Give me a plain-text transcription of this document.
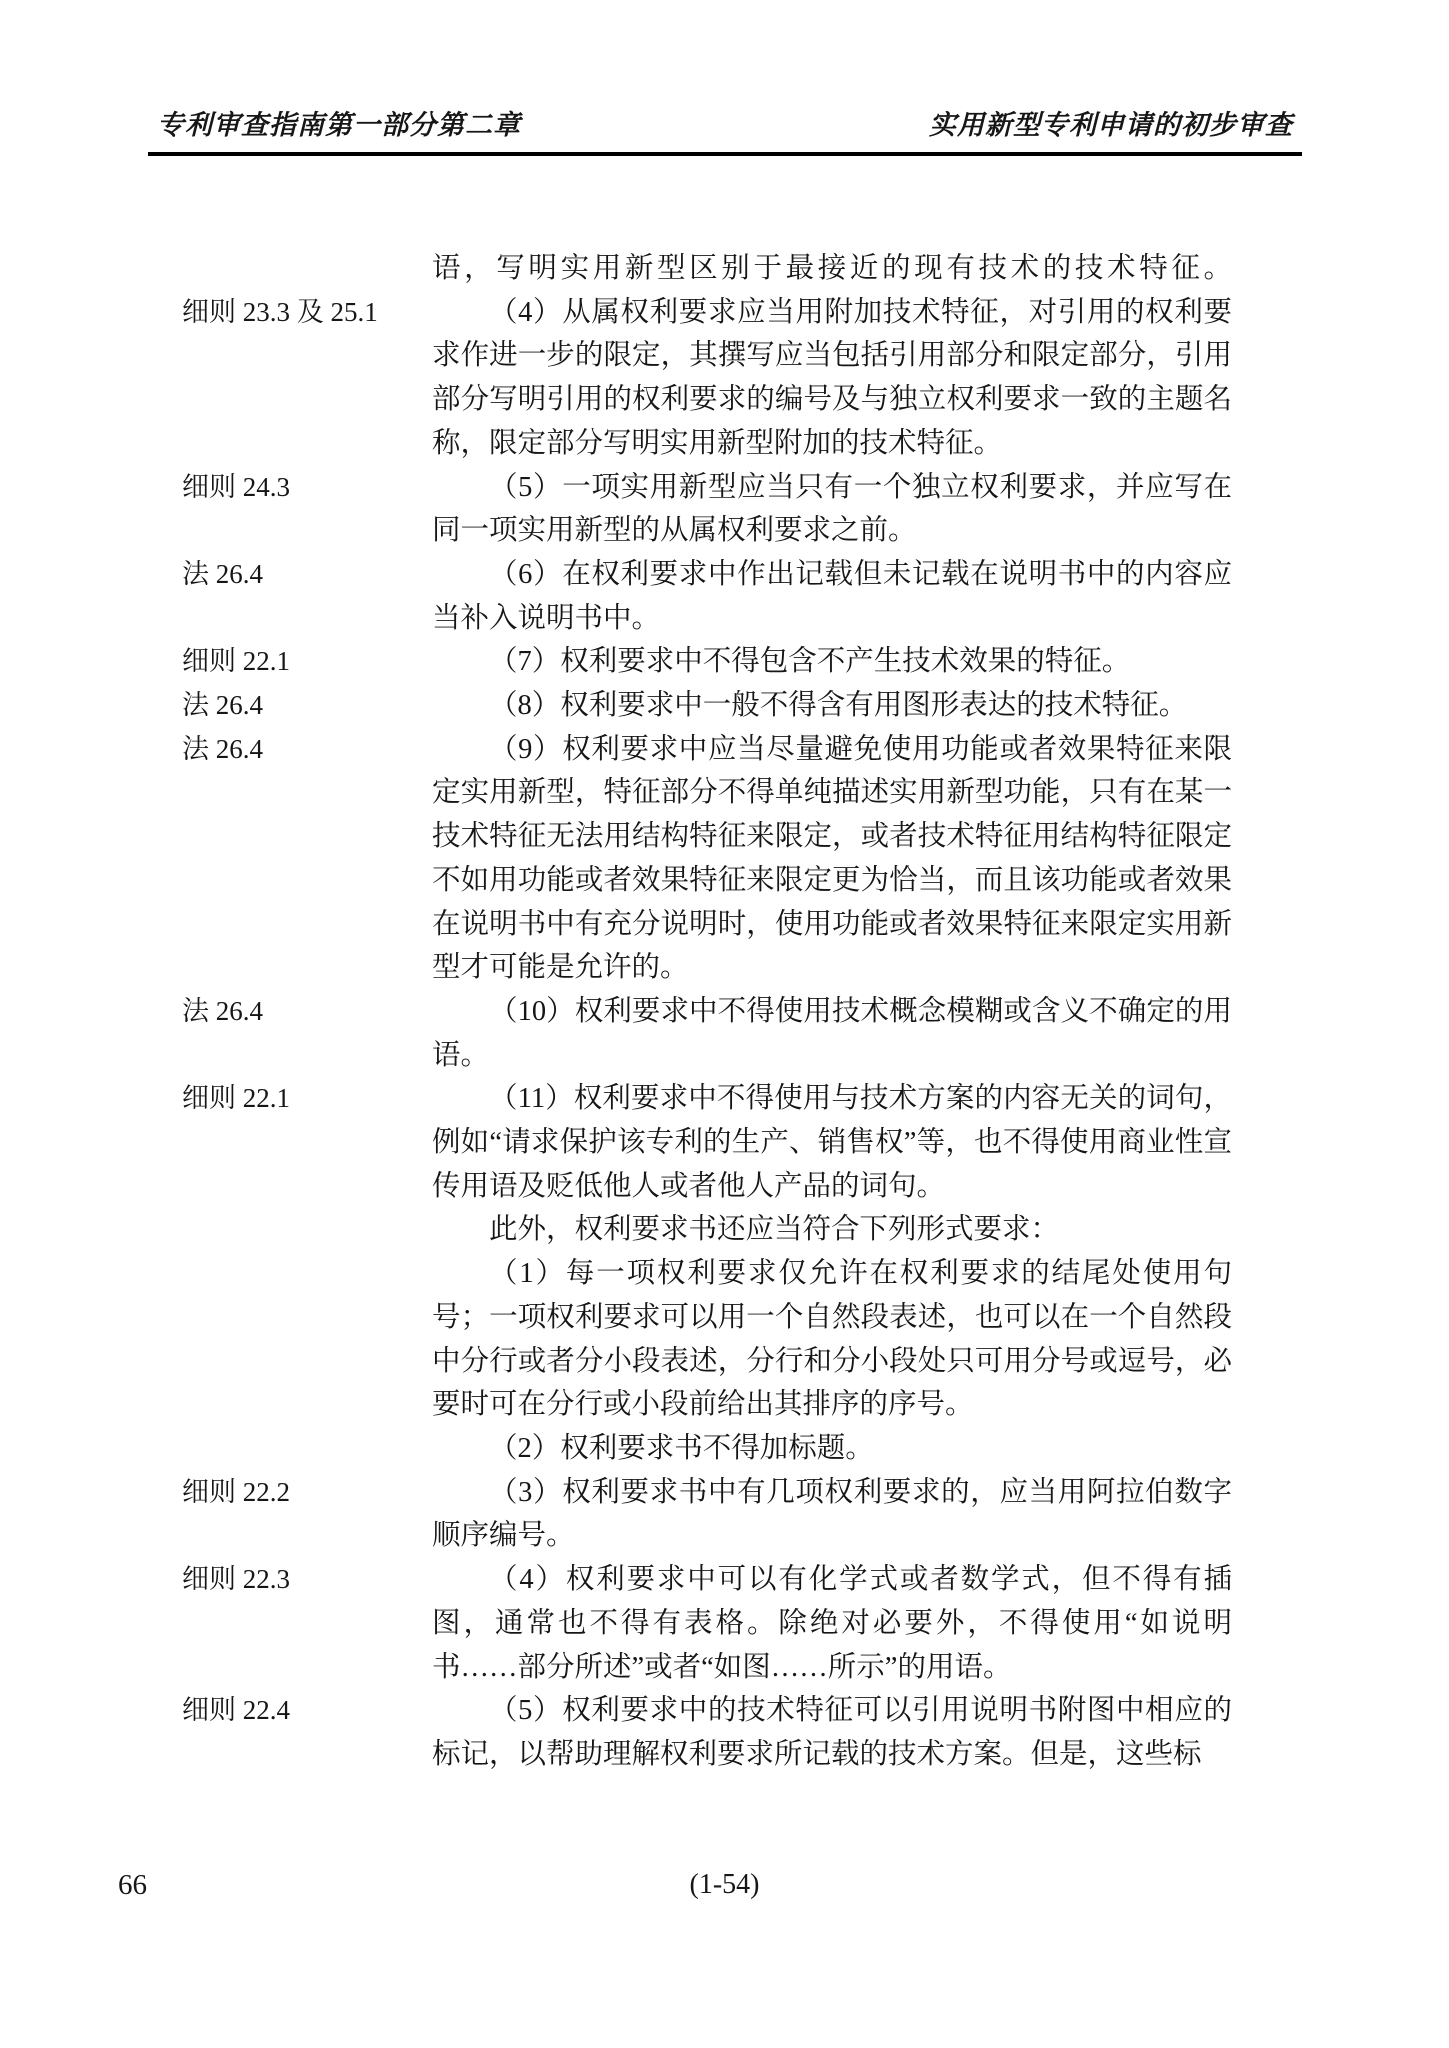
专利审查指南第一部分第二章	实用新型专利申请的初步审查
语，写明实用新型区别于最接近的现有技术的技术特征。
细则 23.3 及 25.1	（4）从属权利要求应当用附加技术特征，对引用的权利要求作进一步的限定，其撰写应当包括引用部分和限定部分，引用部分写明引用的权利要求的编号及与独立权利要求一致的主题名称，限定部分写明实用新型附加的技术特征。
细则 24.3	（5）一项实用新型应当只有一个独立权利要求，并应写在同一项实用新型的从属权利要求之前。
法 26.4	（6）在权利要求中作出记载但未记载在说明书中的内容应当补入说明书中。
细则 22.1	（7）权利要求中不得包含不产生技术效果的特征。
法 26.4	（8）权利要求中一般不得含有用图形表达的技术特征。
法 26.4	（9）权利要求中应当尽量避免使用功能或者效果特征来限定实用新型，特征部分不得单纯描述实用新型功能，只有在某一技术特征无法用结构特征来限定，或者技术特征用结构特征限定不如用功能或者效果特征来限定更为恰当，而且该功能或者效果在说明书中有充分说明时，使用功能或者效果特征来限定实用新型才可能是允许的。
法 26.4	（10）权利要求中不得使用技术概念模糊或含义不确定的用语。
细则 22.1	（11）权利要求中不得使用与技术方案的内容无关的词句，例如“请求保护该专利的生产、销售权”等，也不得使用商业性宣传用语及贬低他人或者他人产品的词句。
此外，权利要求书还应当符合下列形式要求：
（1）每一项权利要求仅允许在权利要求的结尾处使用句号；一项权利要求可以用一个自然段表述，也可以在一个自然段中分行或者分小段表述，分行和分小段处只可用分号或逗号，必要时可在分行或小段前给出其排序的序号。
（2）权利要求书不得加标题。
细则 22.2	（3）权利要求书中有几项权利要求的，应当用阿拉伯数字顺序编号。
细则 22.3	（4）权利要求中可以有化学式或者数学式，但不得有插图，通常也不得有表格。除绝对必要外，不得使用“如说明书……部分所述”或者“如图……所示”的用语。
细则 22.4	（5）权利要求中的技术特征可以引用说明书附图中相应的标记，以帮助理解权利要求所记载的技术方案。但是，这些标
66	(1-54)
